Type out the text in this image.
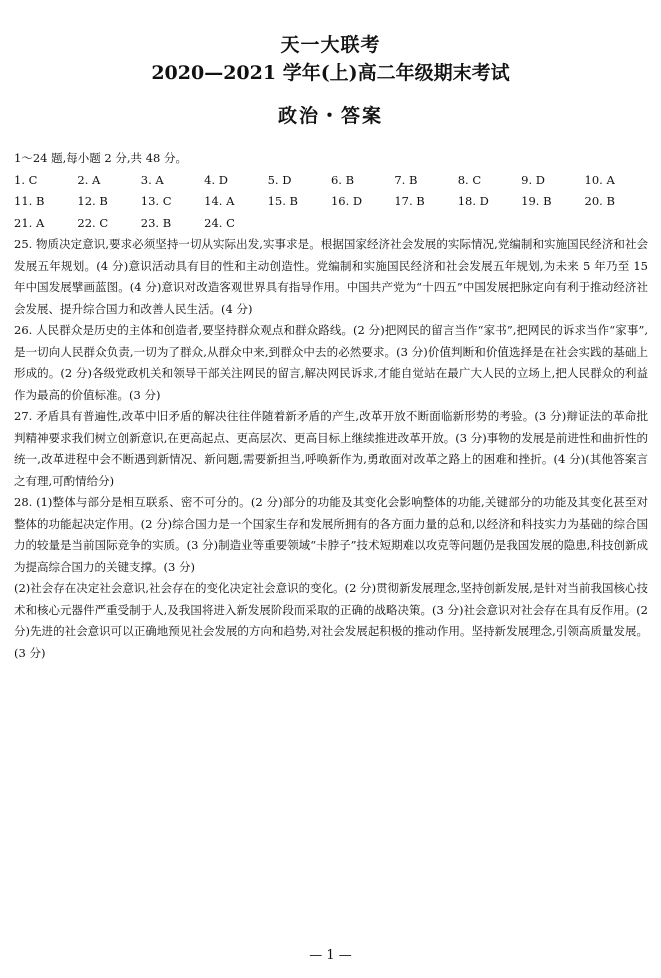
天一大联考
2020—2021 学年(上)高二年级期末考试
政治・答案
1～24 题,每小题 2 分,共 48 分。
1. C	2. A	3. A	4. D	5. D	6. B	7. B	8. C	9. D	10. A
11. B	12. B	13. C	14. A	15. B	16. D	17. B	18. D	19. B	20. B
21. A	22. C	23. B	24. C

25. 物质决定意识,要求必须坚持一切从实际出发,实事求是。根据国家经济社会发展的实际情况,党编制和实施国民经济和社会发展五年规划。(4 分)意识活动具有目的性和主动创造性。党编制和实施国民经济和社会发展五年规划,为未来 5 年乃至 15 年中国发展擘画蓝图。(4 分)意识对改造客观世界具有指导作用。中国共产党为“十四五”中国发展把脉定向有利于推动经济社会发展、提升综合国力和改善人民生活。(4 分)

26. 人民群众是历史的主体和创造者,要坚持群众观点和群众路线。(2 分)把网民的留言当作“家书”,把网民的诉求当作“家事”,是一切向人民群众负责,一切为了群众,从群众中来,到群众中去的必然要求。(3 分)价值判断和价值选择是在社会实践的基础上形成的。(2 分)各级党政机关和领导干部关注网民的留言,解决网民诉求,才能自觉站在最广大人民的立场上,把人民群众的利益作为最高的价值标准。(3 分)

27. 矛盾具有普遍性,改革中旧矛盾的解决往往伴随着新矛盾的产生,改革开放不断面临新形势的考验。(3 分)辩证法的革命批判精神要求我们树立创新意识,在更高起点、更高层次、更高目标上继续推进改革开放。(3 分)事物的发展是前进性和曲折性的统一,改革进程中会不断遇到新情况、新问题,需要新担当,呼唤新作为,勇敢面对改革之路上的困难和挫折。(4 分)(其他答案言之有理,可酌情给分)

28. (1)整体与部分是相互联系、密不可分的。(2 分)部分的功能及其变化会影响整体的功能,关键部分的功能及其变化甚至对整体的功能起决定作用。(2 分)综合国力是一个国家生存和发展所拥有的各方面力量的总和,以经济和科技实力为基础的综合国力的较量是当前国际竞争的实质。(3 分)制造业等重要领域“卡脖子”技术短期难以攻克等问题仍是我国发展的隐患,科技创新成为提高综合国力的关键支撑。(3 分)

(2)社会存在决定社会意识,社会存在的变化决定社会意识的变化。(2 分)贯彻新发展理念,坚持创新发展,是针对当前我国核心技术和核心元器件严重受制于人,及我国将进入新发展阶段而采取的正确的战略决策。(3 分)社会意识对社会存在具有反作用。(2 分)先进的社会意识可以正确地预见社会发展的方向和趋势,对社会发展起积极的推动作用。坚持新发展理念,引领高质量发展。(3 分)

— 1 —
